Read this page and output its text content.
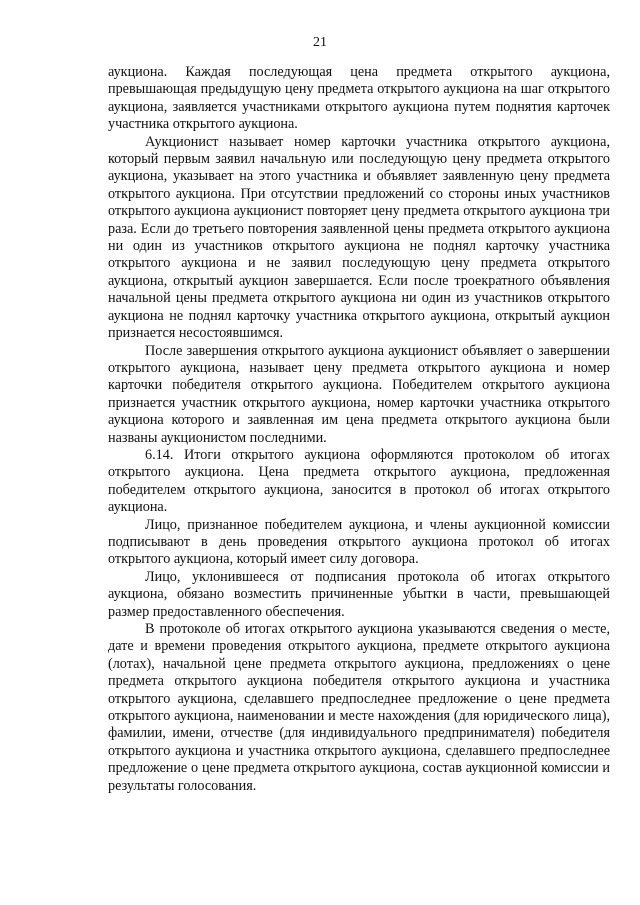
21

аукциона. Каждая последующая цена предмета открытого аукциона, превышающая предыдущую цену предмета открытого аукциона на шаг открытого аукциона, заявляется участниками открытого аукциона путем поднятия карточек участника открытого аукциона.

Аукционист называет номер карточки участника открытого аукциона, который первым заявил начальную или последующую цену предмета открытого аукциона, указывает на этого участника и объявляет заявленную цену предмета открытого аукциона. При отсутствии предложений со стороны иных участников открытого аукциона аукционист повторяет цену предмета открытого аукциона три раза. Если до третьего повторения заявленной цены предмета открытого аукциона ни один из участников открытого аукциона не поднял карточку участника открытого аукциона и не заявил последующую цену предмета открытого аукциона, открытый аукцион завершается. Если после троекратного объявления начальной цены предмета открытого аукциона ни один из участников открытого аукциона не поднял карточку участника открытого аукциона, открытый аукцион признается несостоявшимся.

После завершения открытого аукциона аукционист объявляет о завершении открытого аукциона, называет цену предмета открытого аукциона и номер карточки победителя открытого аукциона. Победителем открытого аукциона признается участник открытого аукциона, номер карточки участника открытого аукциона которого и заявленная им цена предмета открытого аукциона были названы аукционистом последними.

6.14. Итоги открытого аукциона оформляются протоколом об итогах открытого аукциона. Цена предмета открытого аукциона, предложенная победителем открытого аукциона, заносится в протокол об итогах открытого аукциона.

Лицо, признанное победителем аукциона, и члены аукционной комиссии подписывают в день проведения открытого аукциона протокол об итогах открытого аукциона, который имеет силу договора.

Лицо, уклонившееся от подписания протокола об итогах открытого аукциона, обязано возместить причиненные убытки в части, превышающей размер предоставленного обеспечения.

В протоколе об итогах открытого аукциона указываются сведения о месте, дате и времени проведения открытого аукциона, предмете открытого аукциона (лотах), начальной цене предмета открытого аукциона, предложениях о цене предмета открытого аукциона победителя открытого аукциона и участника открытого аукциона, сделавшего предпоследнее предложение о цене предмета открытого аукциона, наименовании и месте нахождения (для юридического лица), фамилии, имени, отчестве (для индивидуального предпринимателя) победителя открытого аукциона и участника открытого аукциона, сделавшего предпоследнее предложение о цене предмета открытого аукциона, состав аукционной комиссии и результаты голосования.
